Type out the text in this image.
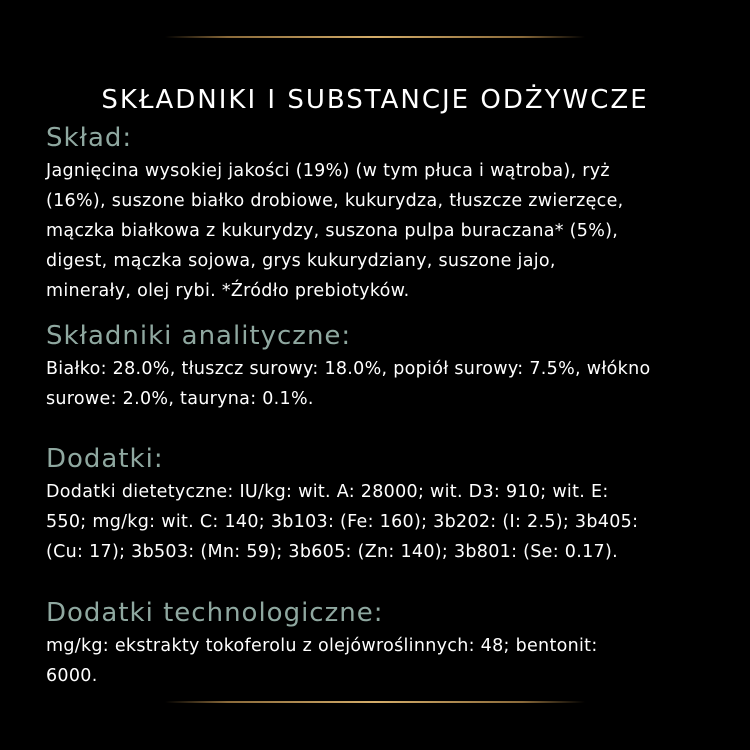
SKŁADNIKI I SUBSTANCJE ODŻYWCZE
Skład:

Jagnięcina wysokiej jakości (19%) (w tym płuca i wątroba), ryż
(16%), suszone białko drobiowe, kukurydza, tłuszcze zwierzęce,
mączka białkowa z kukurydzy, suszona pulpa buraczana* (5%),
digest, mączka sojowa, grys kukurydziany, suszone jajo,
minerały, olej rybi. *Źródło prebiotyków.

Składniki analityczne:

Białko: 28.0%, tłuszcz surowy: 18.0%, popiół surowy: 7.5%, włókno
surowe: 2.0%, tauryna: 0.1%.

Dodatki:

Dodatki dietetyczne: IU/kg: wit. A: 28000; wit. D3: 910; wit. E:
550; mg/kg: wit. C: 140; 3b103: (Fe: 160); 3b202: (I: 2.5); 3b405:
(Cu: 17); 3b503: (Mn: 59); 3b605: (Zn: 140); 3b801: (Se: 0.17).

Dodatki technologiczne:

mg/kg: ekstrakty tokoferolu z olejówroślinnych: 48; bentonit:
6000.
